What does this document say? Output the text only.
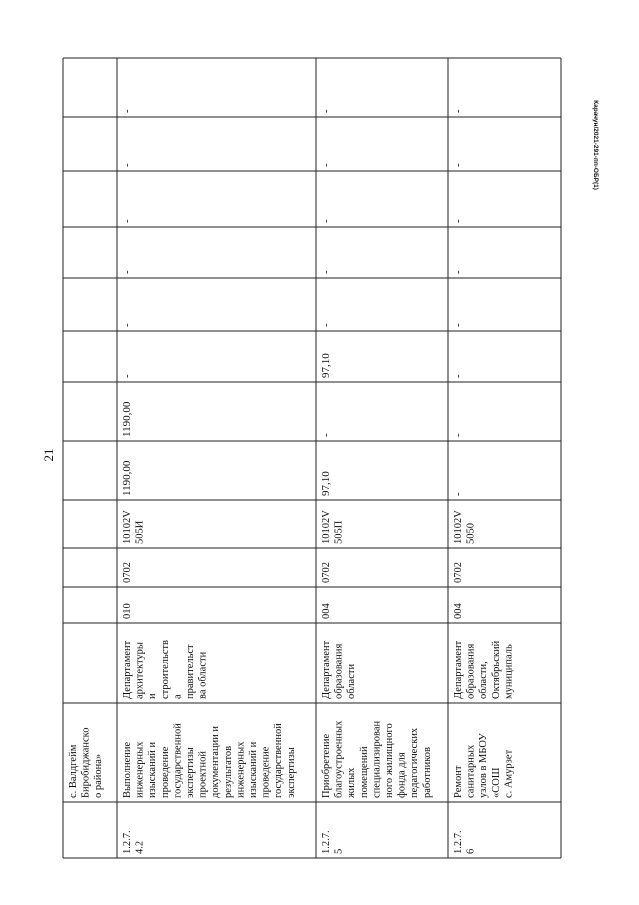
с. Валдгейм Биробиджанско о района»
1.2.7. 4.2
Выполнение инженерных изысканий и проведение государственной экспертизы проектной документации и результатов инженерных изысканий и проведение государственной экспертизы
Департамент архитектуры и строительств а правительст ва области
010
0702
10102V 505И
1190,00
1190,00
-
-
-
-
-
-
1.2.7. 5
Приобретение благоустроенных жилых помещений специализирован ного жилищного фонда для педагогических работников
Департамент образования области
004
0702
10102V 505П
97,10
-
97,10
-
-
-
-
-
1.2.7. 6
Ремонт санитарных узлов в МБОУ «СОШ с. Амурзет
Департамент образования области, Октябрьский муниципаль
004
0702
10102V 5050
-
-
-
-
-
-
-
-
21
Карачун/2021-291-пп-ОБР(1)
